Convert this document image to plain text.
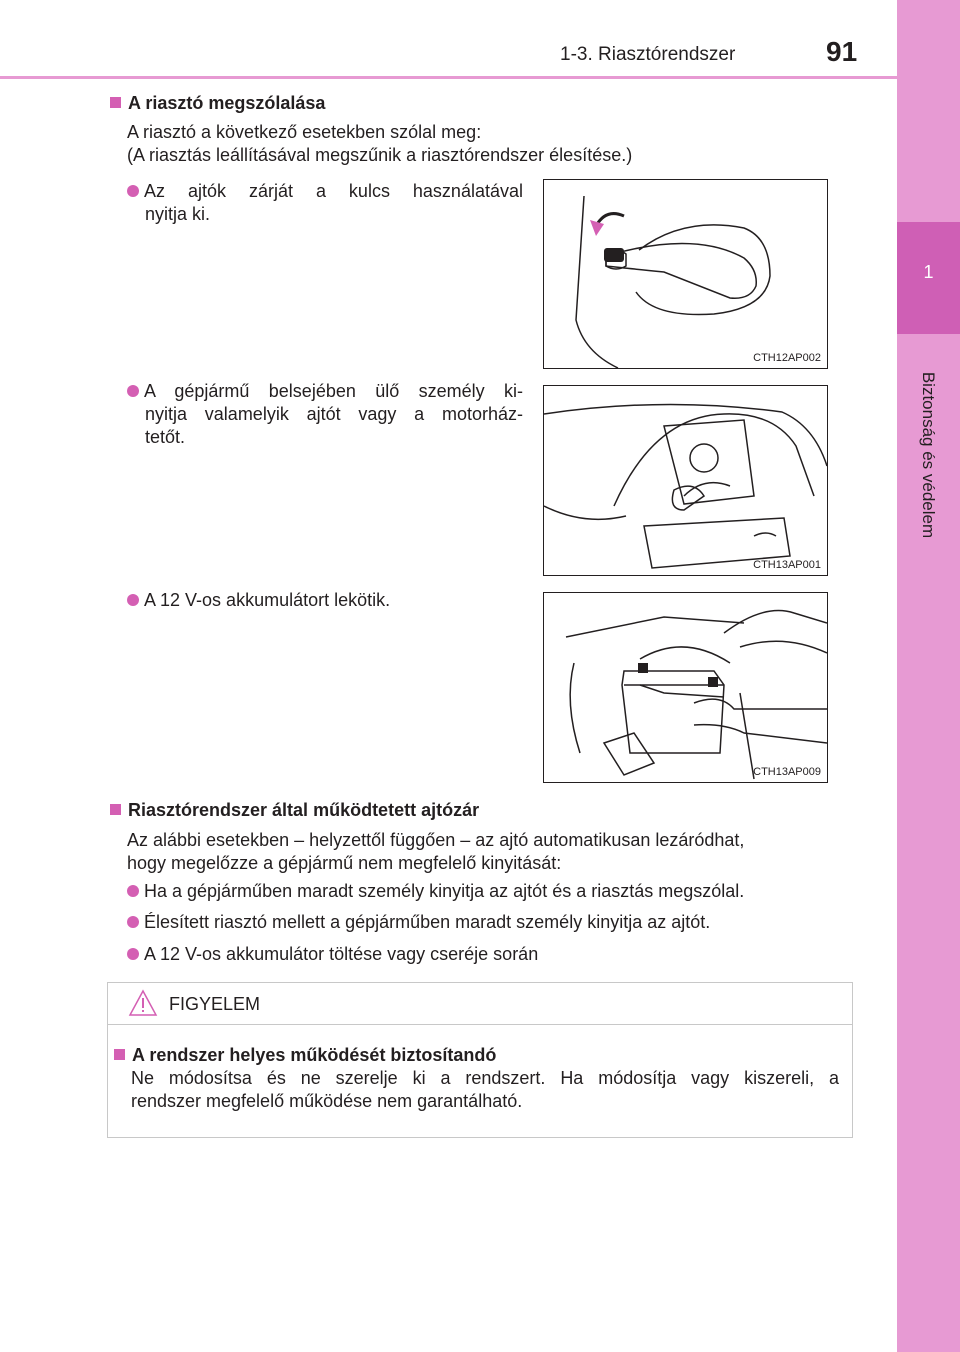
1-3. Riasztórendszer	91
1
Biztonság és védelem
A riasztó megszólalása
A riasztó a következő esetekben szólal meg:
(A riasztás leállításával megszűnik a riasztórendszer élesítése.)
Az ajtók zárját a kulcs használatával
nyitja ki.
CTH12AP002
A gépjármű belsejében ülő személy ki-
nyitja valamelyik ajtót vagy a motorház-
tetőt.
CTH13AP001
A 12 V-os akkumulátort lekötik.
CTH13AP009
Riasztórendszer által működtetett ajtózár
Az alábbi esetekben – helyzettől függően – az ajtó automatikusan lezáródhat,
hogy megelőzze a gépjármű nem megfelelő kinyitását:
Ha a gépjárműben maradt személy kinyitja az ajtót és a riasztás megszólal.
Élesített riasztó mellett a gépjárműben maradt személy kinyitja az ajtót.
A 12 V-os akkumulátor töltése vagy cseréje során
FIGYELEM
A rendszer helyes működését biztosítandó
Ne módosítsa és ne szerelje ki a rendszert. Ha módosítja vagy kiszereli, a
rendszer megfelelő működése nem garantálható.
